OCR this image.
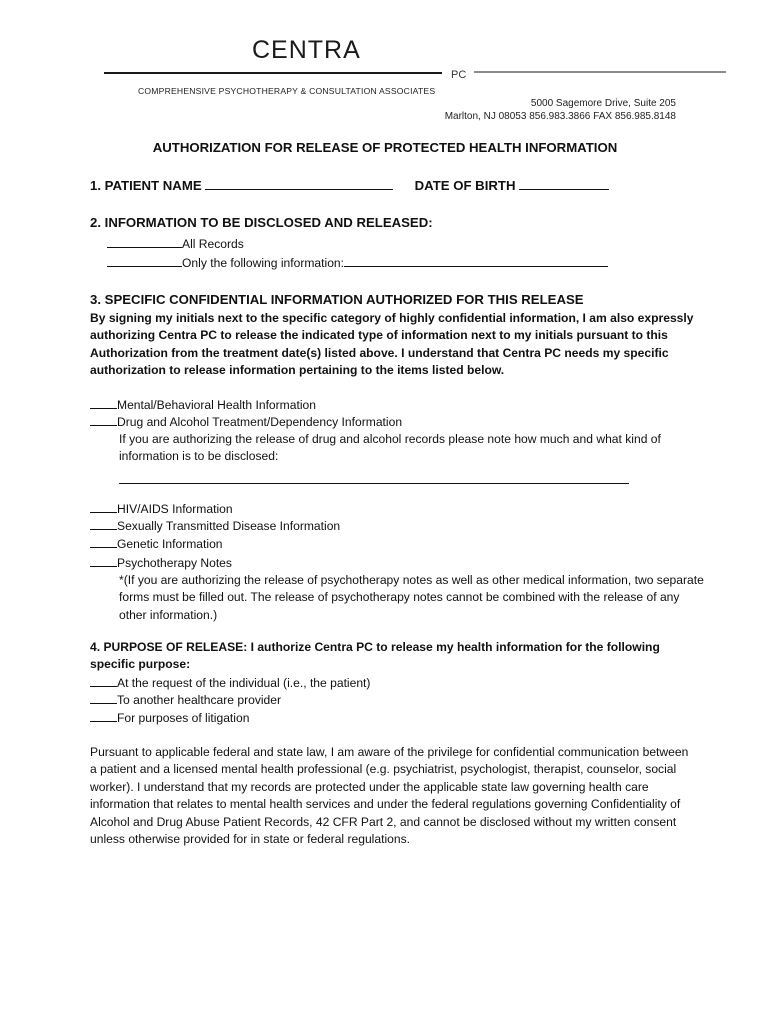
CENTRA
PC
COMPREHENSIVE PSYCHOTHERAPY & CONSULTATION ASSOCIATES
5000 Sagemore Drive, Suite 205
Marlton, NJ 08053 856.983.3866 FAX 856.985.8148
AUTHORIZATION FOR RELEASE OF PROTECTED HEALTH INFORMATION
1. PATIENT NAME	DATE OF BIRTH
2. INFORMATION TO BE DISCLOSED AND RELEASED:
All Records
Only the following information:
3. SPECIFIC CONFIDENTIAL INFORMATION AUTHORIZED FOR THIS RELEASE
By signing my initials next to the specific category of highly confidential information, I am also expressly authorizing Centra PC to release the indicated type of information next to my initials pursuant to this Authorization from the treatment date(s) listed above. I understand that Centra PC needs my specific authorization to release information pertaining to the items listed below.
Mental/Behavioral Health Information
Drug and Alcohol Treatment/Dependency Information
If you are authorizing the release of drug and alcohol records please note how much and what kind of information is to be disclosed:
HIV/AIDS Information
Sexually Transmitted Disease Information
Genetic Information
Psychotherapy Notes
*(If you are authorizing the release of psychotherapy notes as well as other medical information, two separate forms must be filled out. The release of psychotherapy notes cannot be combined with the release of any other information.)
4. PURPOSE OF RELEASE: I authorize Centra PC to release my health information for the following specific purpose:
At the request of the individual (i.e., the patient)
To another healthcare provider
For purposes of litigation
Pursuant to applicable federal and state law, I am aware of the privilege for confidential communication between a patient and a licensed mental health professional (e.g. psychiatrist, psychologist, therapist, counselor, social worker). I understand that my records are protected under the applicable state law governing health care information that relates to mental health services and under the federal regulations governing Confidentiality of Alcohol and Drug Abuse Patient Records, 42 CFR Part 2, and cannot be disclosed without my written consent unless otherwise provided for in state or federal regulations.
